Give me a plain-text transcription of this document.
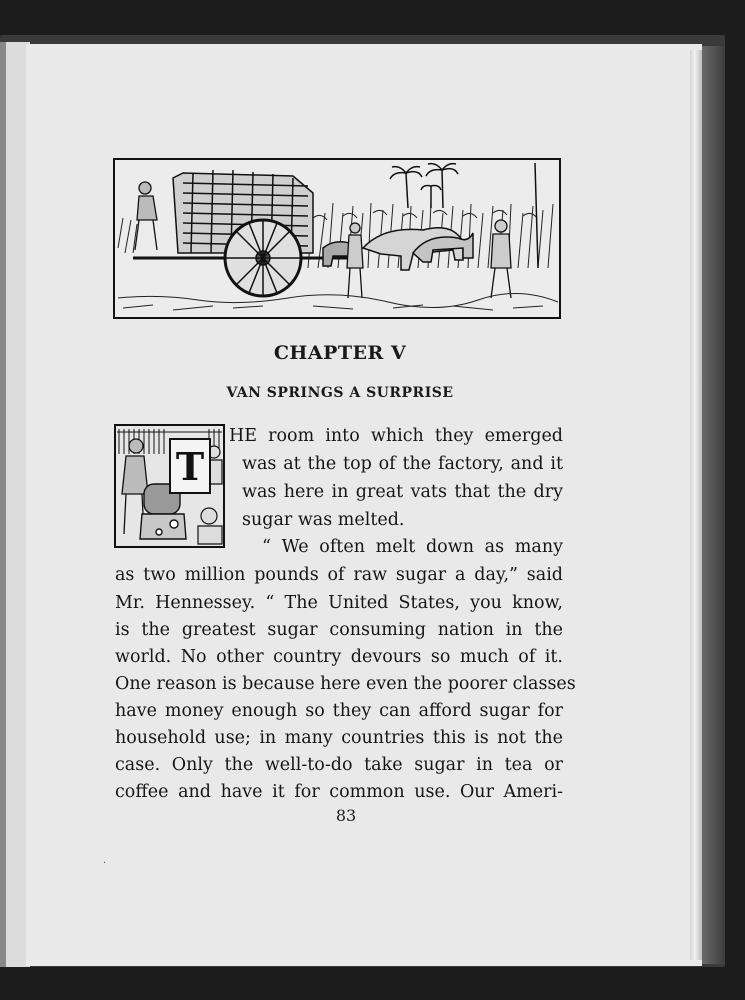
CHAPTER V
VAN SPRINGS A SURPRISE
T
HE room into which they emerged
was at the top of the factory, and it
was here in great vats that the dry
sugar was melted.
“ We often melt down as many
as two million pounds of raw sugar a day,” said
Mr. Hennessey. “ The United States, you know,
is the greatest sugar consuming nation in the
world. No other country devours so much of it.
One reason is because here even the poorer classes
have money enough so they can afford sugar for
household use; in many countries this is not the
case. Only the well-to-do take sugar in tea or
coffee and have it for common use. Our Ameri-
83
·
